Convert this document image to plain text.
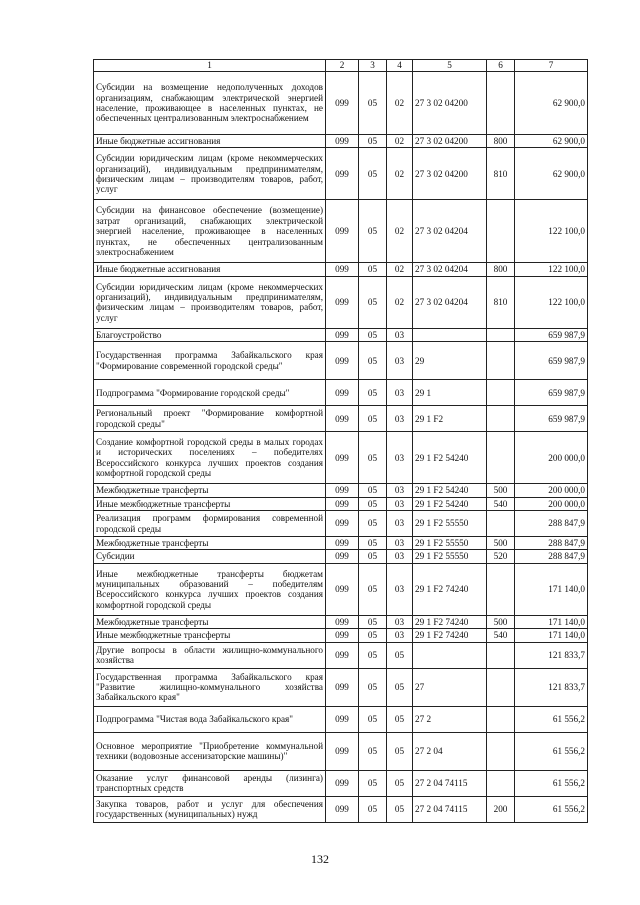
1	2	3	4	5	6	7
Субсидии на возмещение недополученных доходов организациям, снабжающим электрической энергией население, проживающее в населенных пунктах, не обеспеченных централизованным электроснабжением	099	05	02	27 3 02 04200		62 900,0
Иные бюджетные ассигнования	099	05	02	27 3 02 04200	800	62 900,0
Субсидии юридическим лицам (кроме некоммерческих организаций), индивидуальным предпринимателям, физическим лицам – производителям товаров, работ, услуг	099	05	02	27 3 02 04200	810	62 900,0
Субсидии на финансовое обеспечение (возмещение) затрат организаций, снабжающих электрической энергией население, проживающее в населенных пунктах, не обеспеченных централизованным электроснабжением	099	05	02	27 3 02 04204		122 100,0
Иные бюджетные ассигнования	099	05	02	27 3 02 04204	800	122 100,0
Субсидии юридическим лицам (кроме некоммерческих организаций), индивидуальным предпринимателям, физическим лицам – производителям товаров, работ, услуг	099	05	02	27 3 02 04204	810	122 100,0
Благоустройство	099	05	03			659 987,9
Государственная программа Забайкальского края "Формирование современной городской среды"	099	05	03	29		659 987,9
Подпрограмма "Формирование городской среды"	099	05	03	29 1		659 987,9
Региональный проект "Формирование комфортной городской среды"	099	05	03	29 1 F2		659 987,9
Создание комфортной городской среды в малых городах и исторических поселениях – победителях Всероссийского конкурса лучших проектов создания комфортной городской среды	099	05	03	29 1 F2 54240		200 000,0
Межбюджетные трансферты	099	05	03	29 1 F2 54240	500	200 000,0
Иные межбюджетные трансферты	099	05	03	29 1 F2 54240	540	200 000,0
Реализация программ формирования современной городской среды	099	05	03	29 1 F2 55550		288 847,9
Межбюджетные трансферты	099	05	03	29 1 F2 55550	500	288 847,9
Субсидии	099	05	03	29 1 F2 55550	520	288 847,9
Иные межбюджетные трансферты бюджетам муниципальных образований – победителям Всероссийского конкурса лучших проектов создания комфортной городской среды	099	05	03	29 1 F2 74240		171 140,0
Межбюджетные трансферты	099	05	03	29 1 F2 74240	500	171 140,0
Иные межбюджетные трансферты	099	05	03	29 1 F2 74240	540	171 140,0
Другие вопросы в области жилищно-коммунального хозяйства	099	05	05			121 833,7
Государственная программа Забайкальского края "Развитие жилищно-коммунального хозяйства Забайкальского края"	099	05	05	27		121 833,7
Подпрограмма "Чистая вода Забайкальского края"	099	05	05	27 2		61 556,2
Основное мероприятие "Приобретение коммунальной техники (водовозные ассенизаторские машины)"	099	05	05	27 2 04		61 556,2
Оказание услуг финансовой аренды (лизинга) транспортных средств	099	05	05	27 2 04 74115		61 556,2
Закупка товаров, работ и услуг для обеспечения государственных (муниципальных) нужд	099	05	05	27 2 04 74115	200	61 556,2
132
